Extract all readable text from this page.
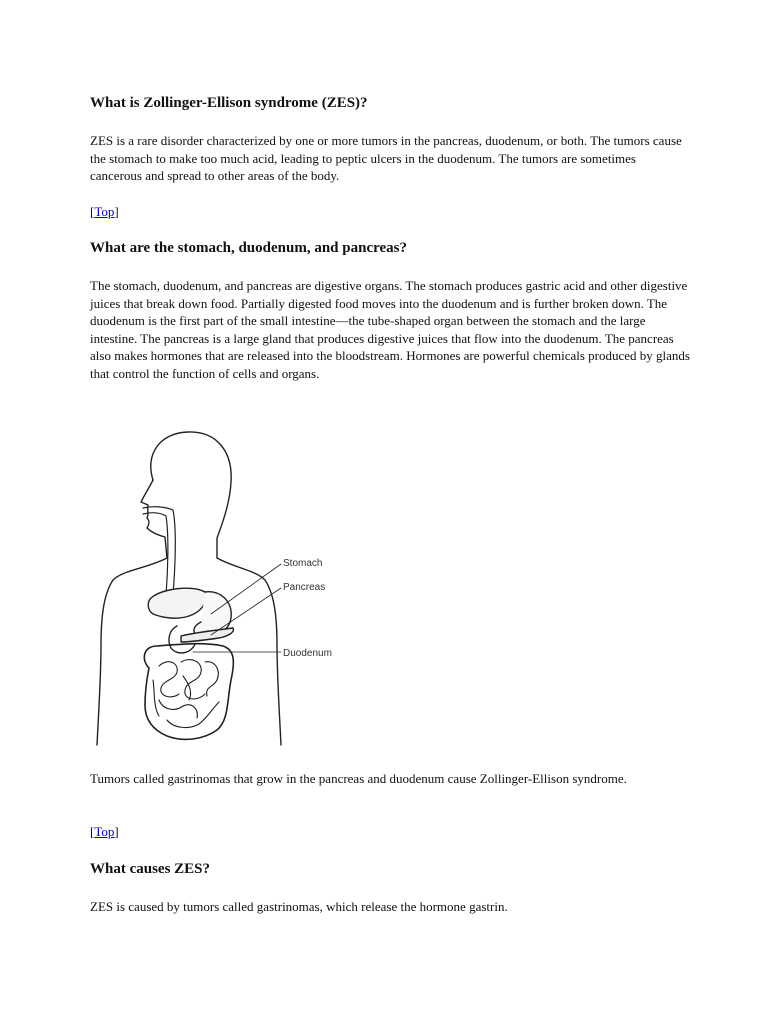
What is Zollinger-Ellison syndrome (ZES)?

ZES is a rare disorder characterized by one or more tumors in the pancreas, duodenum, or both. The tumors cause the stomach to make too much acid, leading to peptic ulcers in the duodenum. The tumors are sometimes cancerous and spread to other areas of the body.

[Top]
What are the stomach, duodenum, and pancreas?

The stomach, duodenum, and pancreas are digestive organs. The stomach produces gastric acid and other digestive juices that break down food. Partially digested food moves into the duodenum and is further broken down. The duodenum is the first part of the small intestine—the tube-shaped organ between the stomach and the large intestine. The pancreas is a large gland that produces digestive juices that flow into the duodenum. The pancreas also makes hormones that are released into the bloodstream. Hormones are powerful chemicals produced by glands that control the function of cells and organs.

Stomach
Pancreas
Duodenum

Tumors called gastrinomas that grow in the pancreas and duodenum cause Zollinger-Ellison syndrome.

[Top]
What causes ZES?

ZES is caused by tumors called gastrinomas, which release the hormone gastrin.
